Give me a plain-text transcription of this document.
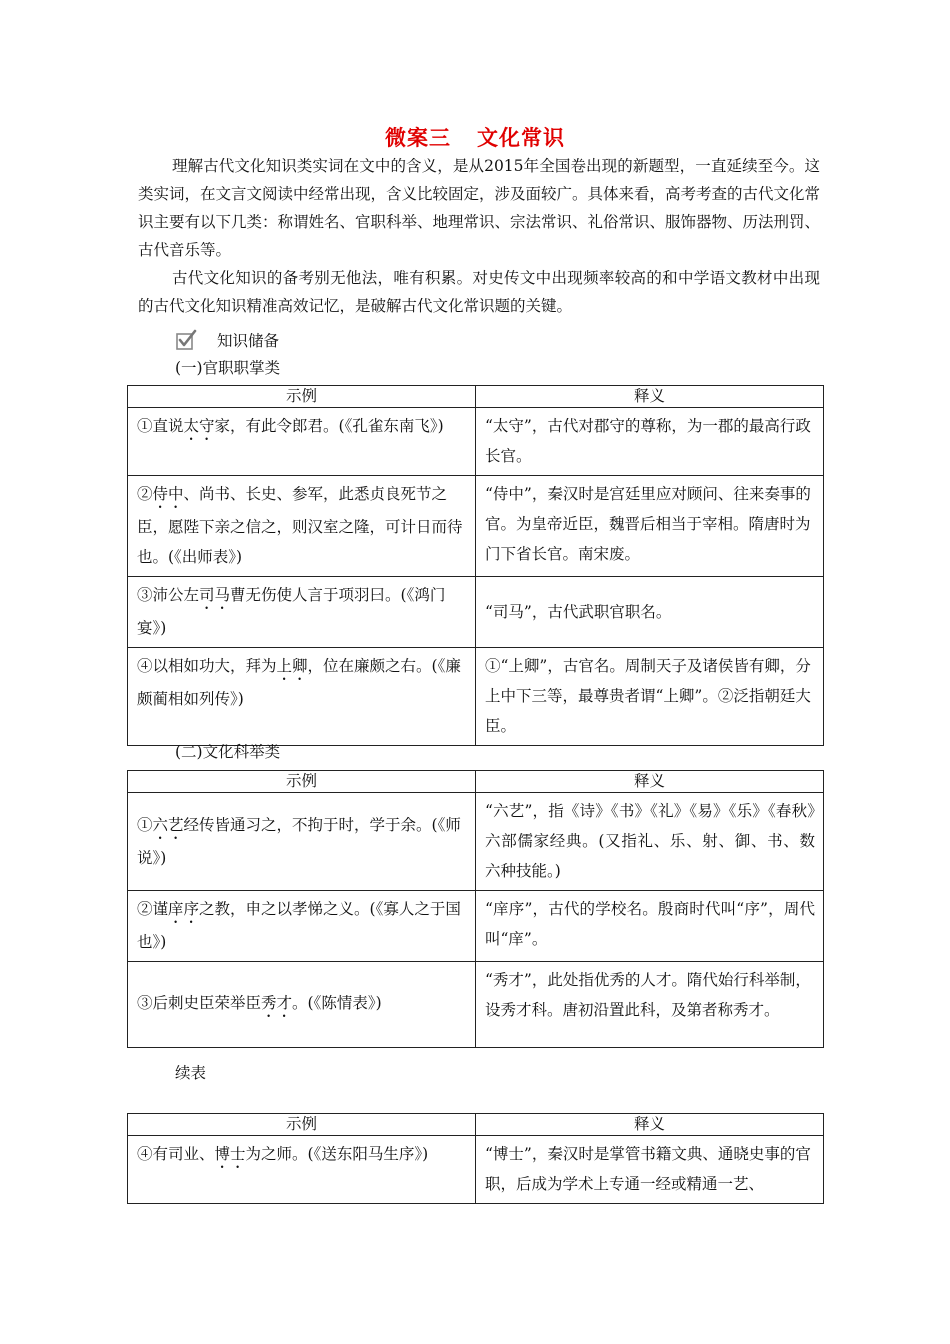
微案三 文化常识

理解古代文化知识类实词在文中的含义，是从2015年全国卷出现的新题型，一直延续至今。这类实词，在文言文阅读中经常出现，含义比较固定，涉及面较广。具体来看，高考考查的古代文化常识主要有以下几类：称谓姓名、官职科举、地理常识、宗法常识、礼俗常识、服饰器物、历法刑罚、古代音乐等。

古代文化知识的备考别无他法，唯有积累。对史传文中出现频率较高的和中学语文教材中出现的古代文化知识精准高效记忆，是破解古代文化常识题的关键。

知识储备
(一)官职职掌类
示例	释义
①直说太守家，有此令郎君。(《孔雀东南飞》)	“太守”，古代对郡守的尊称，为一郡的最高行政长官。
②侍中、尚书、长史、参军，此悉贞良死节之臣，愿陛下亲之信之，则汉室之隆，可计日而待也。(《出师表》)	“侍中”，秦汉时是宫廷里应对顾问、往来奏事的官。为皇帝近臣，魏晋后相当于宰相。隋唐时为门下省长官。南宋废。
③沛公左司马曹无伤使人言于项羽曰。(《鸿门宴》)	“司马”，古代武职官职名。
④以相如功大，拜为上卿，位在廉颇之右。(《廉颇蔺相如列传》)	①“上卿”，古官名。周制天子及诸侯皆有卿，分上中下三等，最尊贵者谓“上卿”。②泛指朝廷大臣。
(二)文化科举类
示例	释义
①六艺经传皆通习之，不拘于时，学于余。(《师说》)	“六艺”，指《诗》《书》《礼》《易》《乐》《春秋》六部儒家经典。(又指礼、乐、射、御、书、数六种技能。)
②谨庠序之教，申之以孝悌之义。(《寡人之于国也》)	“庠序”，古代的学校名。殷商时代叫“序”，周代叫“庠”。
③后刺史臣荣举臣秀才。(《陈情表》)	“秀才”，此处指优秀的人才。隋代始行科举制，设秀才科。唐初沿置此科，及第者称秀才。
续表
示例	释义
④有司业、博士为之师。(《送东阳马生序》)	“博士”，秦汉时是掌管书籍文典、通晓史事的官职，后成为学术上专通一经或精通一艺、
